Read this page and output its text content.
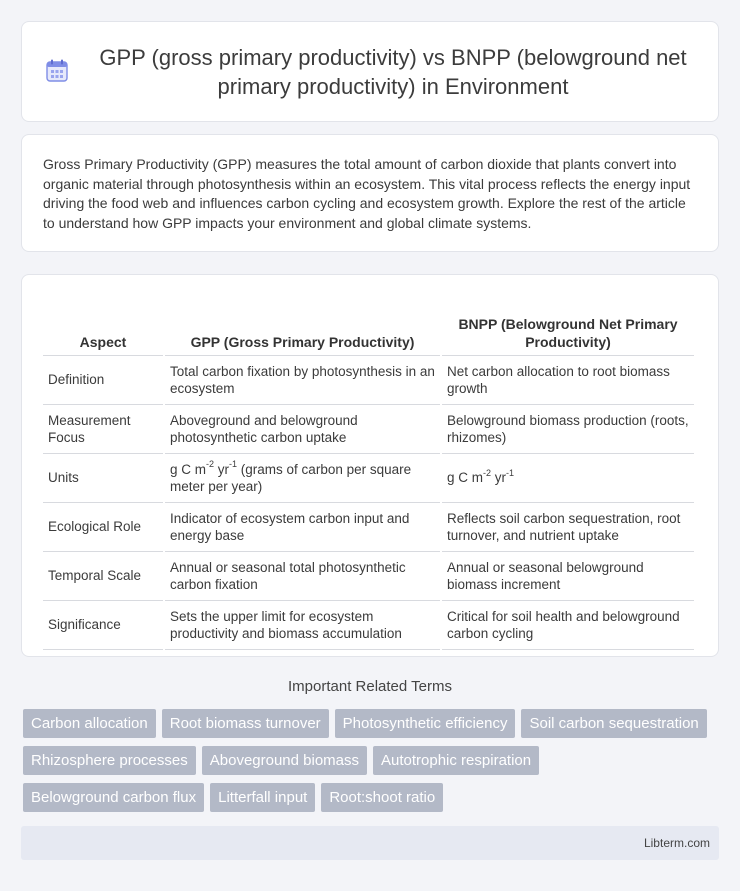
GPP (gross primary productivity) vs BNPP (belowground net primary productivity) in Environment

Gross Primary Productivity (GPP) measures the total amount of carbon dioxide that plants convert into organic material through photosynthesis within an ecosystem. This vital process reflects the energy input driving the food web and influences carbon cycling and ecosystem growth. Explore the rest of the article to understand how GPP impacts your environment and global climate systems.

Aspect	GPP (Gross Primary Productivity)	BNPP (Belowground Net Primary Productivity)
Definition	Total carbon fixation by photosynthesis in an ecosystem	Net carbon allocation to root biomass growth
Measurement Focus	Aboveground and belowground photosynthetic carbon uptake	Belowground biomass production (roots, rhizomes)
Units	g C $m^{-2}$ $yr^{-1}$ (grams of carbon per square meter per year)	g C $m^{-2}$ $yr^{-1}$
Ecological Role	Indicator of ecosystem carbon input and energy base	Reflects soil carbon sequestration, root turnover, and nutrient uptake
Temporal Scale	Annual or seasonal total photosynthetic carbon fixation	Annual or seasonal belowground biomass increment
Significance	Sets the upper limit for ecosystem productivity and biomass accumulation	Critical for soil health and belowground carbon cycling
Important Related Terms
Carbon allocation	Root biomass turnover	Photosynthetic efficiency	Soil carbon sequestration
Rhizosphere processes	Aboveground biomass	Autotrophic respiration
Belowground carbon flux	Litterfall input	Root:shoot ratio
Libterm.com
